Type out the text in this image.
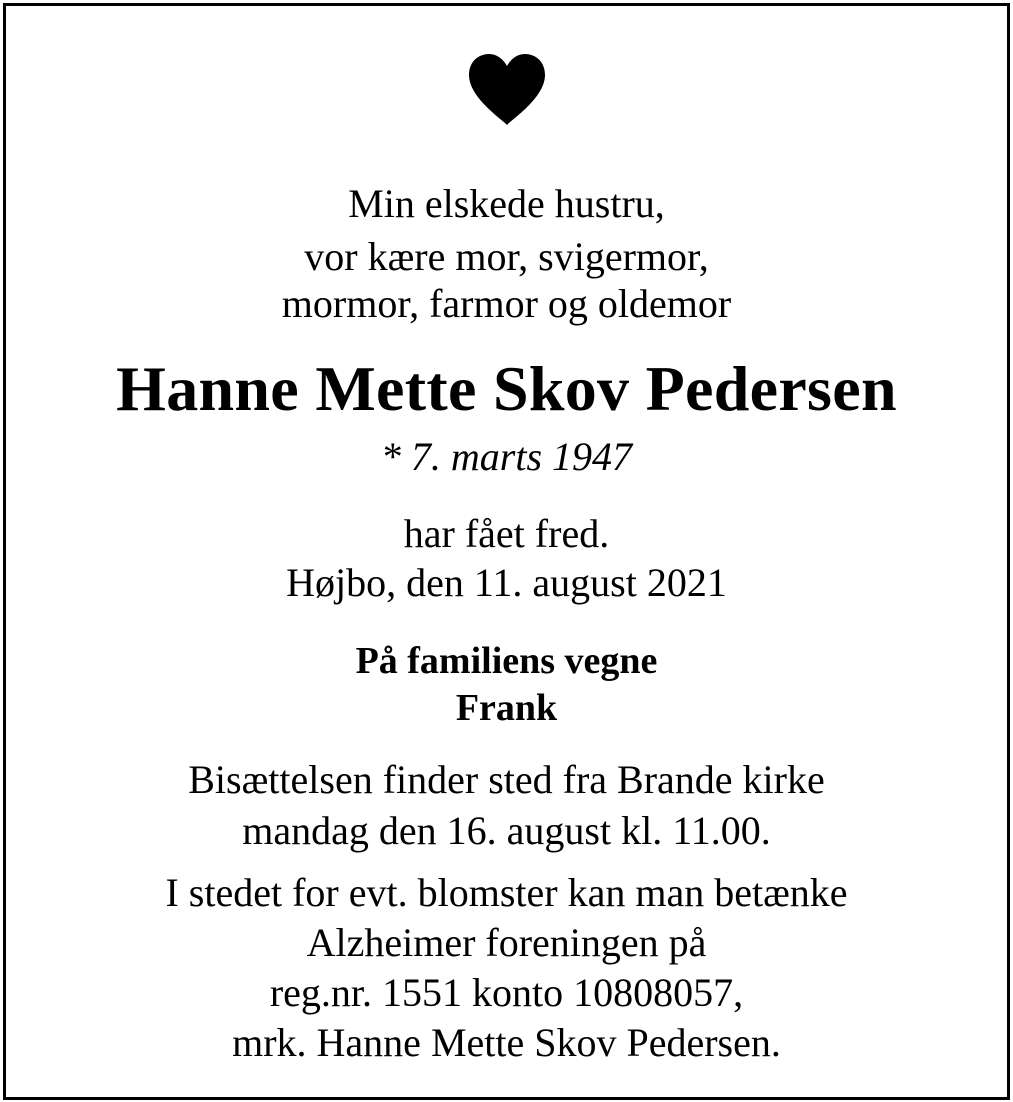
Min elskede hustru,
vor kære mor, svigermor,
mormor, farmor og oldemor
Hanne Mette Skov Pedersen
* 7. marts 1947
har fået fred.
Højbo, den 11. august 2021
På familiens vegne
Frank
Bisættelsen finder sted fra Brande kirke
mandag den 16. august kl. 11.00.
I stedet for evt. blomster kan man betænke
Alzheimer foreningen på
reg.nr. 1551 konto 10808057,
mrk. Hanne Mette Skov Pedersen.
